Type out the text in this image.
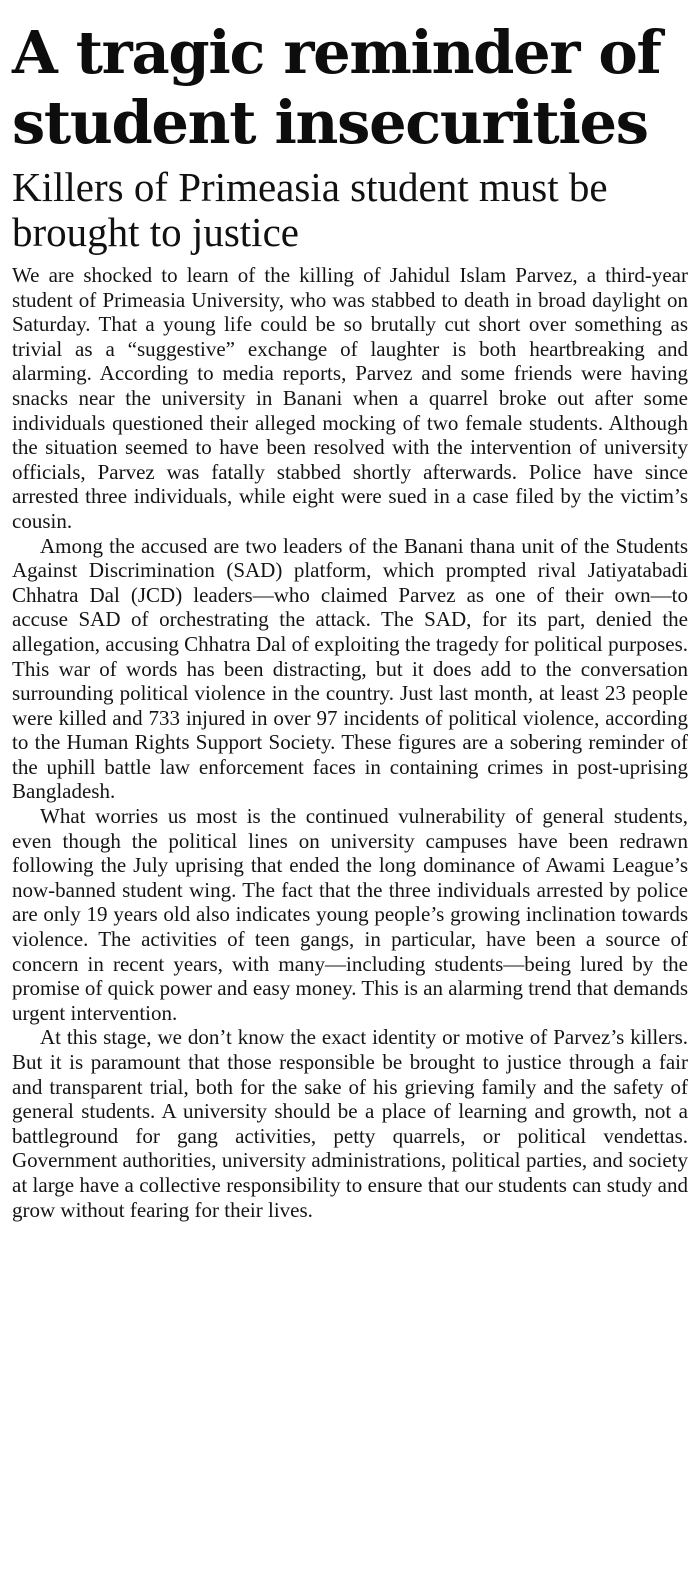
A tragic reminder of student insecurities
Killers of Primeasia student must be brought to justice

We are shocked to learn of the killing of Jahidul Islam Parvez, a third-year student of Primeasia University, who was stabbed to death in broad daylight on Saturday. That a young life could be so brutally cut short over something as trivial as a “suggestive” exchange of laughter is both heartbreaking and alarming. According to media reports, Parvez and some friends were having snacks near the university in Banani when a quarrel broke out after some individuals questioned their alleged mocking of two female students. Although the situation seemed to have been resolved with the intervention of university officials, Parvez was fatally stabbed shortly afterwards. Police have since arrested three individuals, while eight were sued in a case filed by the victim’s cousin.

Among the accused are two leaders of the Banani thana unit of the Students Against Discrimination (SAD) platform, which prompted rival Jatiyatabadi Chhatra Dal (JCD) leaders—who claimed Parvez as one of their own—to accuse SAD of orchestrating the attack. The SAD, for its part, denied the allegation, accusing Chhatra Dal of exploiting the tragedy for political purposes. This war of words has been distracting, but it does add to the conversation surrounding political violence in the country. Just last month, at least 23 people were killed and 733 injured in over 97 incidents of political violence, according to the Human Rights Support Society. These figures are a sobering reminder of the uphill battle law enforcement faces in containing crimes in post-uprising Bangladesh.

What worries us most is the continued vulnerability of general students, even though the political lines on university campuses have been redrawn following the July uprising that ended the long dominance of Awami League’s now-banned student wing. The fact that the three individuals arrested by police are only 19 years old also indicates young people’s growing inclination towards violence. The activities of teen gangs, in particular, have been a source of concern in recent years, with many—including students—being lured by the promise of quick power and easy money. This is an alarming trend that demands urgent intervention.

At this stage, we don’t know the exact identity or motive of Parvez’s killers. But it is paramount that those responsible be brought to justice through a fair and transparent trial, both for the sake of his grieving family and the safety of general students. A university should be a place of learning and growth, not a battleground for gang activities, petty quarrels, or political vendettas. Government authorities, university administrations, political parties, and society at large have a collective responsibility to ensure that our students can study and grow without fearing for their lives.
